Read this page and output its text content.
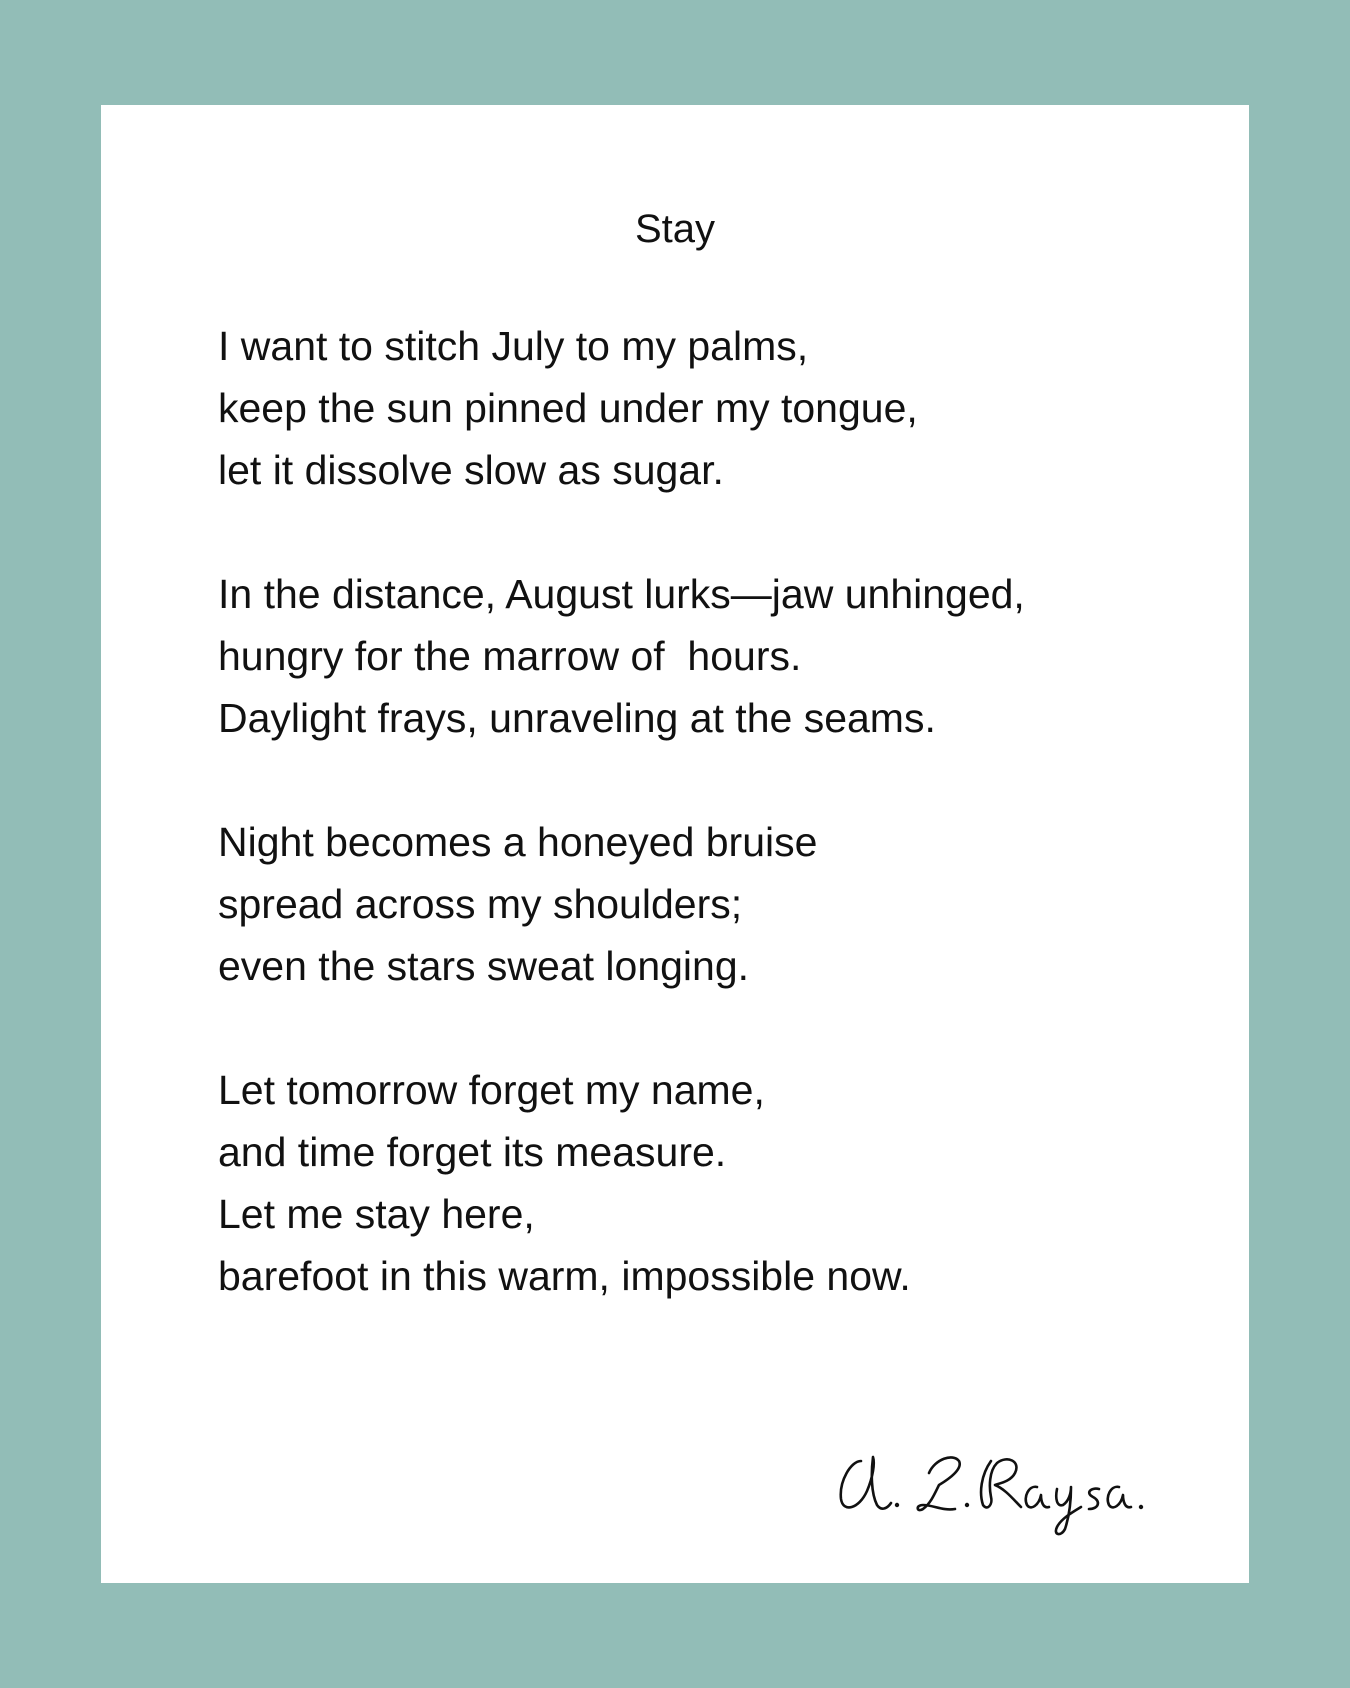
Stay
I want to stitch July to my palms,
keep the sun pinned under my tongue,
let it dissolve slow as sugar.
In the distance, August lurks—jaw unhinged,
hungry for the marrow of  hours.
Daylight frays, unraveling at the seams.
Night becomes a honeyed bruise
spread across my shoulders;
even the stars sweat longing.
Let tomorrow forget my name,
and time forget its measure.
Let me stay here,
barefoot in this warm, impossible now.
